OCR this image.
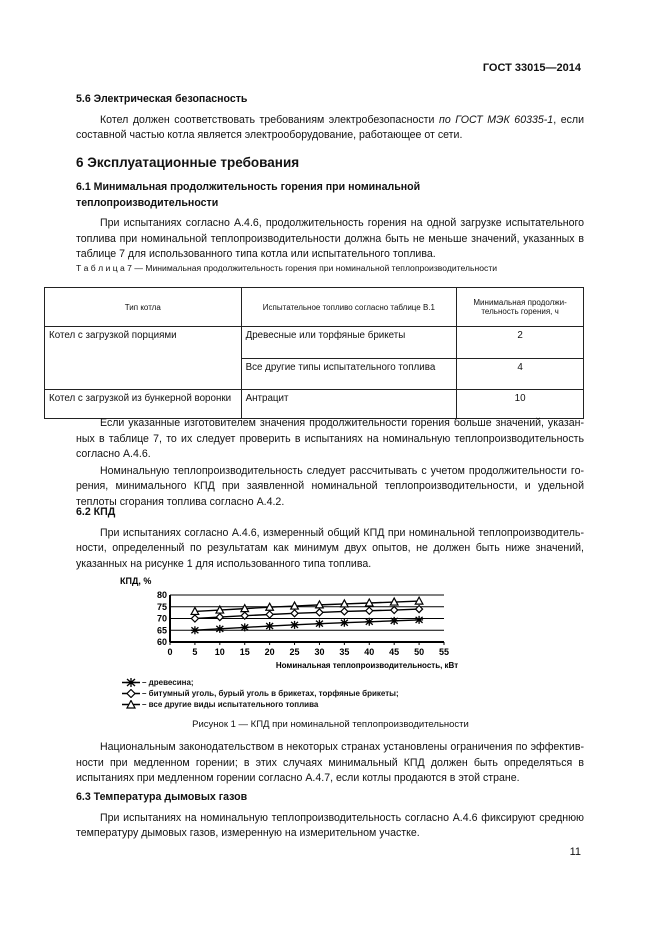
ГОСТ 33015—2014
5.6 Электрическая безопасность

Котел должен соответствовать требованиям электробезопасности по ГОСТ МЭК 60335-1, если составной частью котла является электрооборудование, работающее от сети.

6 Эксплуатационные требования
6.1 Минимальная продолжительность горения при номинальной теплопроизводительности

При испытаниях согласно А.4.6, продолжительность горения на одной загрузке испытательного топлива при номинальной теплопроизводительности должна быть не меньше значений, указанных в таблице 7 для использованного типа котла или испытательного топлива.

Т а б л и ц а 7 — Минимальная продолжительность горения при номинальной теплопроизводительности
Тип котла	Испытательное топливо согласно таблице В.1	Минимальная продолжительность горения, ч
Котел с загрузкой порциями	Древесные или торфяные брикеты	2
	Все другие типы испытательного топлива	4
Котел с загрузкой из бункерной воронки	Антрацит	10

Если указанные изготовителем значения продолжительности горения больше значений, указанных в таблице 7, то их следует проверить в испытаниях на номинальную теплопроизводительность согласно А.4.6.

Номинальную теплопроизводительность следует рассчитывать с учетом продолжительности горения, минимального КПД при заявленной номинальной теплопроизводительности, и удельной теплоты сгорания топлива согласно А.4.2.

6.2 КПД

При испытаниях согласно А.4.6, измеренный общий КПД при номинальной теплопроизводительности, определенный по результатам как минимум двух опытов, не должен быть ниже значений, указанных на рисунке 1 для использованного типа топлива.

КПД, %
80
75
70
65
60
0 5 10 15 20 25 30 35 40 45 50 55
Номинальная теплопроизводительность, кВт
– древесина;
– битумный уголь, бурый уголь в брикетах, торфяные брикеты;
– все другие виды испытательного топлива
Рисунок 1 — КПД при номинальной теплопроизводительности

Национальным законодательством в некоторых странах установлены ограничения по эффективности при медленном горении; в этих случаях минимальный КПД должен быть определяться в испытаниях при медленном горении согласно А.4.7, если котлы продаются в этой стране.

6.3 Температура дымовых газов

При испытаниях на номинальную теплопроизводительность согласно А.4.6 фиксируют среднюю температуру дымовых газов, измеренную на измерительном участке.

11
